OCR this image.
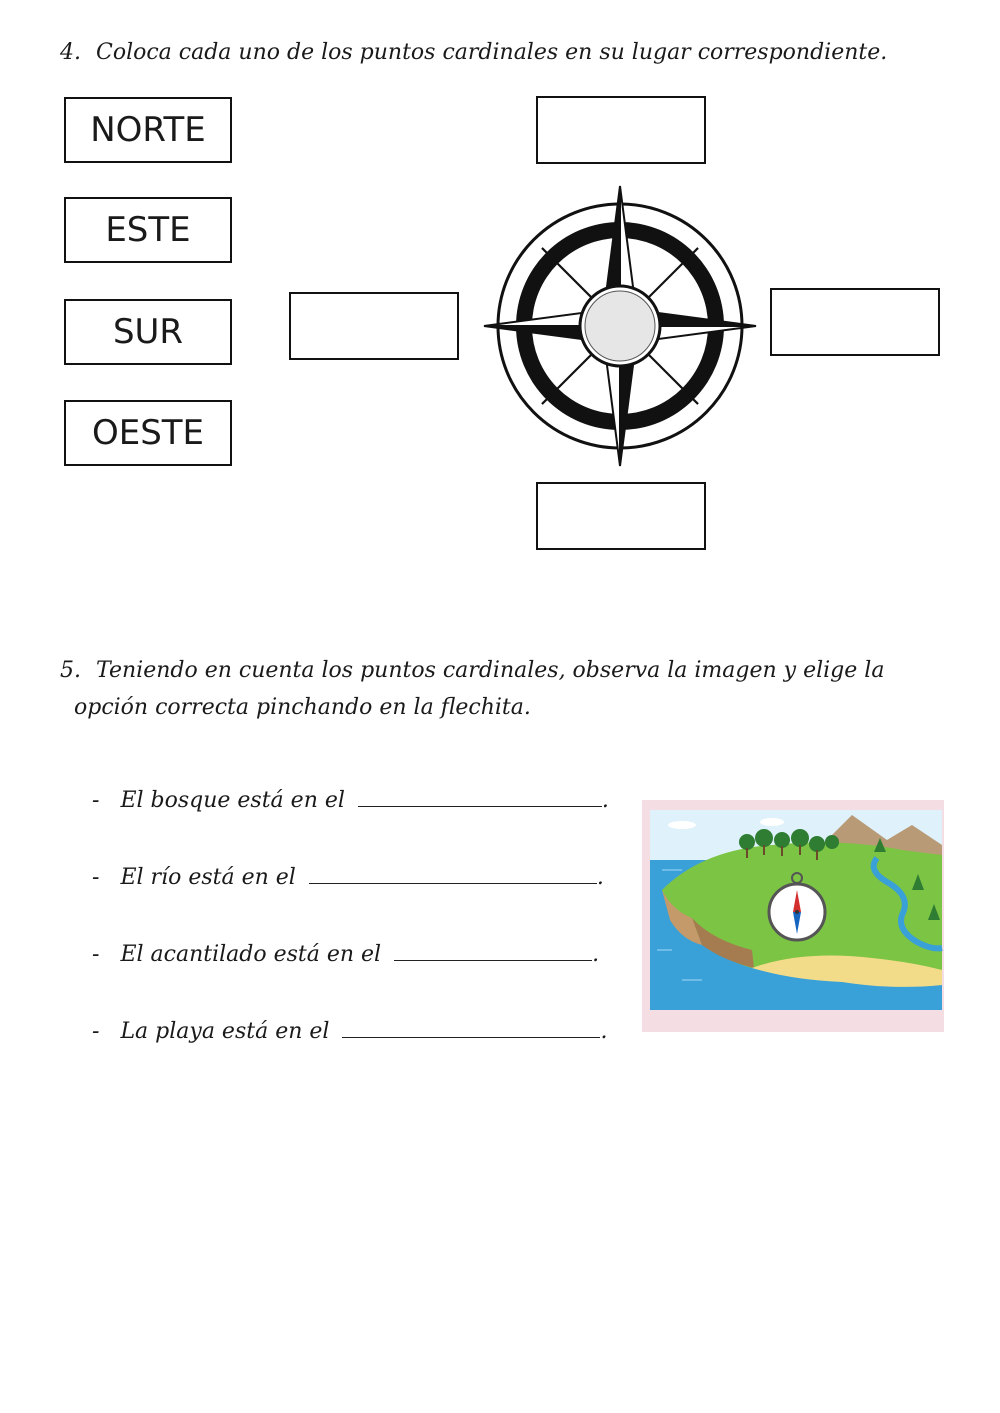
4. Coloca cada uno de los puntos cardinales en su lugar correspondiente.
NORTE
ESTE
SUR
OESTE
5. Teniendo en cuenta los puntos cardinales, observa la imagen y elige la
opción correcta pinchando en la flechita.
- El bosque está en el	.
- El río está en el	.
- El acantilado está en el	.
- La playa está en el	.
